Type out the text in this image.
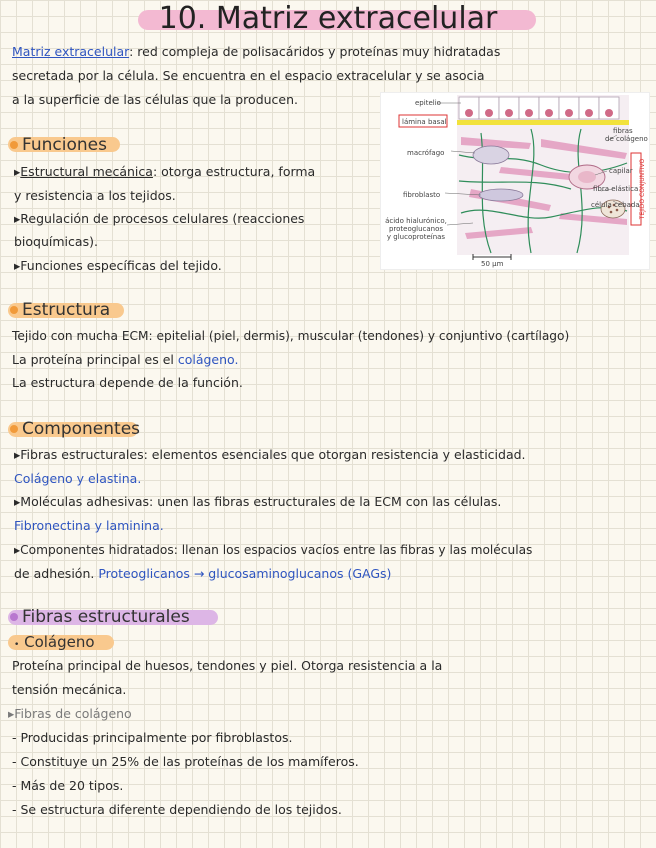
10. Matriz extracelular
Matriz extracelular: red compleja de polisacáridos y proteínas muy hidratadas
secretada por la célula. Se encuentra en el espacio extracelular y se asocia
a la superficie de las células que la producen.	epitelio
lámina basal
macrófago
fibroblasto
ácido hialurónico,
proteoglucanos
y glucoproteínas
fibras
de colágeno
capilar
fibra elástica
célula cebada TEJIDO CONJUNTIVO
50 µm
Funciones
▸Estructural mecánica: otorga estructura, forma
y resistencia a los tejidos.
▸Regulación de procesos celulares (reacciones
bioquímicas).
▸Funciones específicas del tejido.
Estructura
Tejido con mucha ECM: epitelial (piel, dermis), muscular (tendones) y conjuntivo (cartílago)
La proteína principal es el colágeno.
La estructura depende de la función.
Componentes
▸Fibras estructurales: elementos esenciales que otorgan resistencia y elasticidad.
Colágeno y elastina.
▸Moléculas adhesivas: unen las fibras estructurales de la ECM con las células.
Fibronectina y laminina.
▸Componentes hidratados: llenan los espacios vacíos entre las fibras y las moléculas
de adhesión. Proteoglicanos → glucosaminoglucanos (GAGs)
Fibras estructurales
• Colágeno
Proteína principal de huesos, tendones y piel. Otorga resistencia a la
tensión mecánica.
▸Fibras de colágeno
- Producidas principalmente por fibroblastos.
- Constituye un 25% de las proteínas de los mamíferos.
- Más de 20 tipos.
- Se estructura diferente dependiendo de los tejidos.
